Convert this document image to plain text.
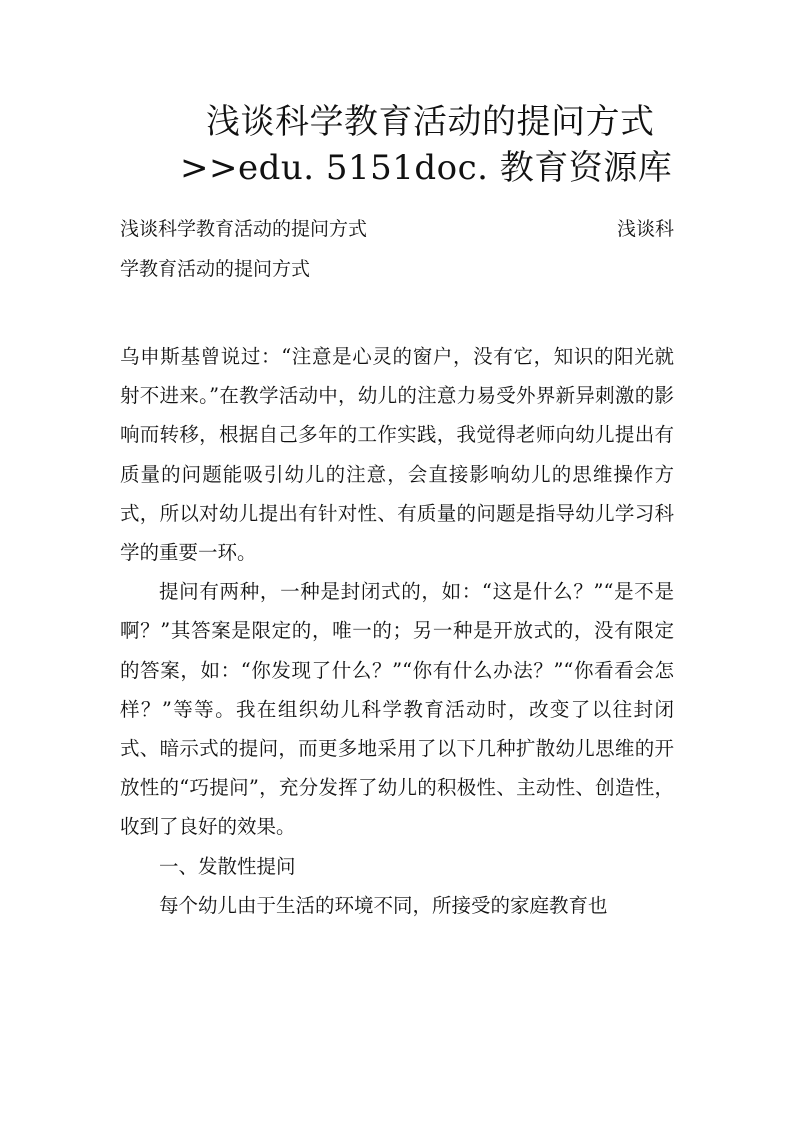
浅谈科学教育活动的提问方式
>>edu. 5151doc. 教育资源库
浅谈科学教育活动的提问方式	浅谈科
学教育活动的提问方式

乌申斯基曾说过：“注意是心灵的窗户，没有它，知识的阳光就射不进来。”在教学活动中，幼儿的注意力易受外界新异刺激的影响而转移，根据自己多年的工作实践，我觉得老师向幼儿提出有质量的问题能吸引幼儿的注意，会直接影响幼儿的思维操作方式，所以对幼儿提出有针对性、有质量的问题是指导幼儿学习科学的重要一环。

提问有两种，一种是封闭式的，如：“这是什么？”“是不是啊？”其答案是限定的，唯一的；另一种是开放式的，没有限定的答案，如：“你发现了什么？”“你有什么办法？”“你看看会怎样？”等等。我在组织幼儿科学教育活动时，改变了以往封闭式、暗示式的提问，而更多地采用了以下几种扩散幼儿思维的开放性的“巧提问”，充分发挥了幼儿的积极性、主动性、创造性，收到了良好的效果。

一、发散性提问

每个幼儿由于生活的环境不同，所接受的家庭教育也
